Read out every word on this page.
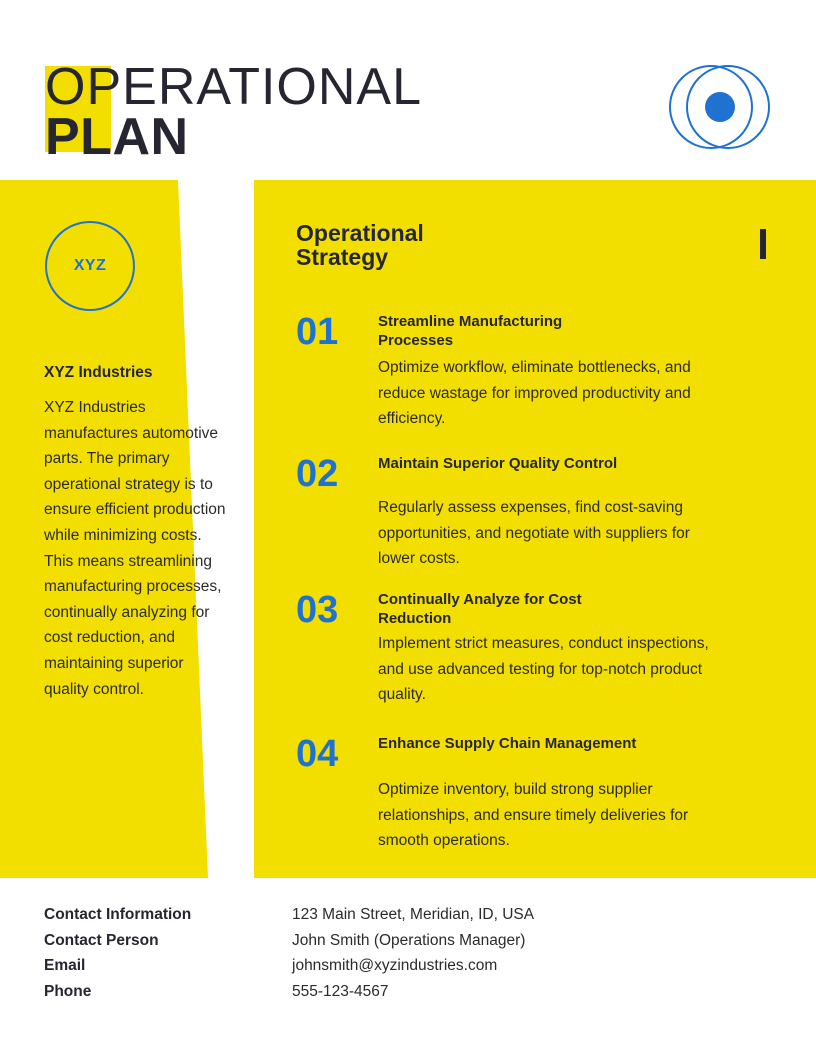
OPERATIONAL
PLAN
XYZ

XYZ Industries

XYZ Industries manufactures automotive parts. The primary operational strategy is to ensure efficient production while minimizing costs. This means streamlining manufacturing processes, continually analyzing for cost reduction, and maintaining superior quality control.

Operational Strategy
01	Streamline Manufacturing Processes

Optimize workflow, eliminate bottlenecks, and reduce wastage for improved productivity and efficiency.

02	Maintain Superior Quality Control

Regularly assess expenses, find cost-saving opportunities, and negotiate with suppliers for lower costs.

03	Continually Analyze for Cost Reduction

Implement strict measures, conduct inspections, and use advanced testing for top-notch product quality.

04	Enhance Supply Chain Management

Optimize inventory, build strong supplier relationships, and ensure timely deliveries for smooth operations.

Contact Information	123 Main Street, Meridian, ID, USA
Contact Person	John Smith (Operations Manager)
Email	johnsmith@xyzindustries.com
Phone	555-123-4567
